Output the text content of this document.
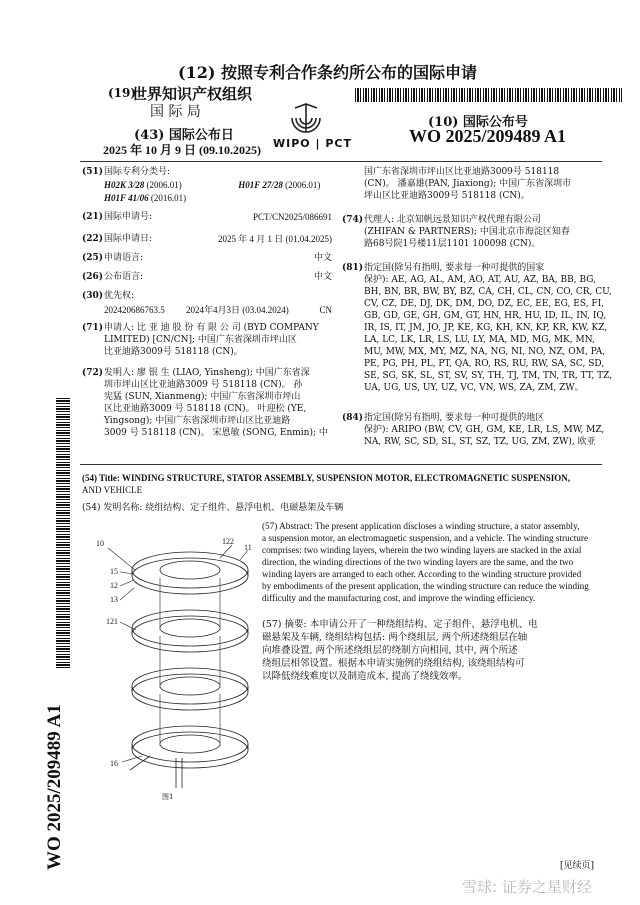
(12) 按照专利合作条约所公布的国际申请
(19)
世界知识产权组织
国 际 局
(43) 国际公布日
2025 年 10 月 9 日 (09.10.2025) WIPO | PCT
(10) 国际公布号
WO 2025/209489 A1
(51)国际专利分类号:
H02K 3/28 (2006.01)	H01F 27/28 (2006.01)
H01F 41/06 (2016.01)
(21)国际申请号:	PCT/CN2025/086691
(22)国际申请日:	2025 年 4 月 1 日 (01.04.2025)
(25)申请语言:	中文
(26)公布语言:	中文
(30)优先权:
202420686763.5 2024年4月3日 (03.04.2024)	CN
(71) 申请人: 比 亚 迪 股 份 有 限 公 司 (BYD COMPANY
LIMITED) [CN/CN]; 中国广东省深圳市坪山区
比亚迪路3009号 518118 (CN)。
(72) 发明人: 廖 银 生 (LIAO, Yinsheng); 中国广东省深
圳市坪山区比亚迪路3009 号 518118 (CN)。 孙
宪猛 (SUN, Xianmeng); 中国广东省深圳市坪山
区比亚迪路3009 号 518118 (CN)。 叶迎松 (YE,
Yingsong); 中国广东省深圳市坪山区比亚迪路
3009 号 518118 (CN)。 宋恩敏 (SONG, Enmin); 中
国广东省深圳市坪山区比亚迪路3009号 518118
(CN)。 潘嘉雄(PAN, Jiaxiong); 中国广东省深圳市
坪山区比亚迪路3009号 518118 (CN)。
(74) 代理人: 北京知帆远景知识产权代理有限公司
(ZHIFAN & PARTNERS); 中国北京市海淀区知春
路68号院1号楼11层1101 100098 (CN)。
(81) 指定国(除另有指明, 要求每一种可提供的国家
保护): AE, AG, AL, AM, AO, AT, AU, AZ, BA, BB, BG,
BH, BN, BR, BW, BY, BZ, CA, CH, CL, CN, CO, CR, CU,
CV, CZ, DE, DJ, DK, DM, DO, DZ, EC, EE, EG, ES, FI,
GB, GD, GE, GH, GM, GT, HN, HR, HU, ID, IL, IN, IQ,
IR, IS, IT, JM, JO, JP, KE, KG, KH, KN, KP, KR, KW, KZ,
LA, LC, LK, LR, LS, LU, LY, MA, MD, MG, MK, MN,
MU, MW, MX, MY, MZ, NA, NG, NI, NO, NZ, OM, PA,
PE, PG, PH, PL, PT, QA, RO, RS, RU, RW, SA, SC, SD,
SE, SG, SK, SL, ST, SV, SY, TH, TJ, TM, TN, TR, TT, TZ,
UA, UG, US, UY, UZ, VC, VN, WS, ZA, ZM, ZW。
(84) 指定国(除另有指明, 要求每一种可提供的地区
保护): ARIPO (BW, CV, GH, GM, KE, LR, LS, MW, MZ,
NA, RW, SC, SD, SL, ST, SZ, TZ, UG, ZM, ZW), 欧亚
(54) Title: WINDING STRUCTURE, STATOR ASSEMBLY, SUSPENSION MOTOR, ELECTROMAGNETIC SUSPENSION,
AND VEHICLE
(54) 发明名称: 绕组结构、定子组件、悬浮电机、电磁悬架及车辆
10	122
11
15
12
13
121
16
图1
(57) Abstract: The present application discloses a winding structure, a stator assembly,
a suspension motor, an electromagnetic suspension, and a vehicle. The winding structure
comprises: two winding layers, wherein the two winding layers are stacked in the axial
direction, the winding directions of the two winding layers are the same, and the two
winding layers are arranged to each other. According to the winding structure provided
by embodiments of the present application, the winding structure can reduce the winding
difficulty and the manufacturing cost, and improve the winding efficiency.
(57) 摘要: 本申请公开了一种绕组结构、定子组件、悬浮电机、电
磁悬架及车辆, 绕组结构包括: 两个绕组层, 两个所述绕组层在轴
向堆叠设置, 两个所述绕组层的绕制方向相同, 其中, 两个所述
绕组层相邻设置。根据本申请实施例的绕组结构, 该绕组结构可
以降低绕线难度以及制造成本, 提高了绕线效率。
WO 2025/209489 A1	[见续页]
雪球: 证券之星财经
